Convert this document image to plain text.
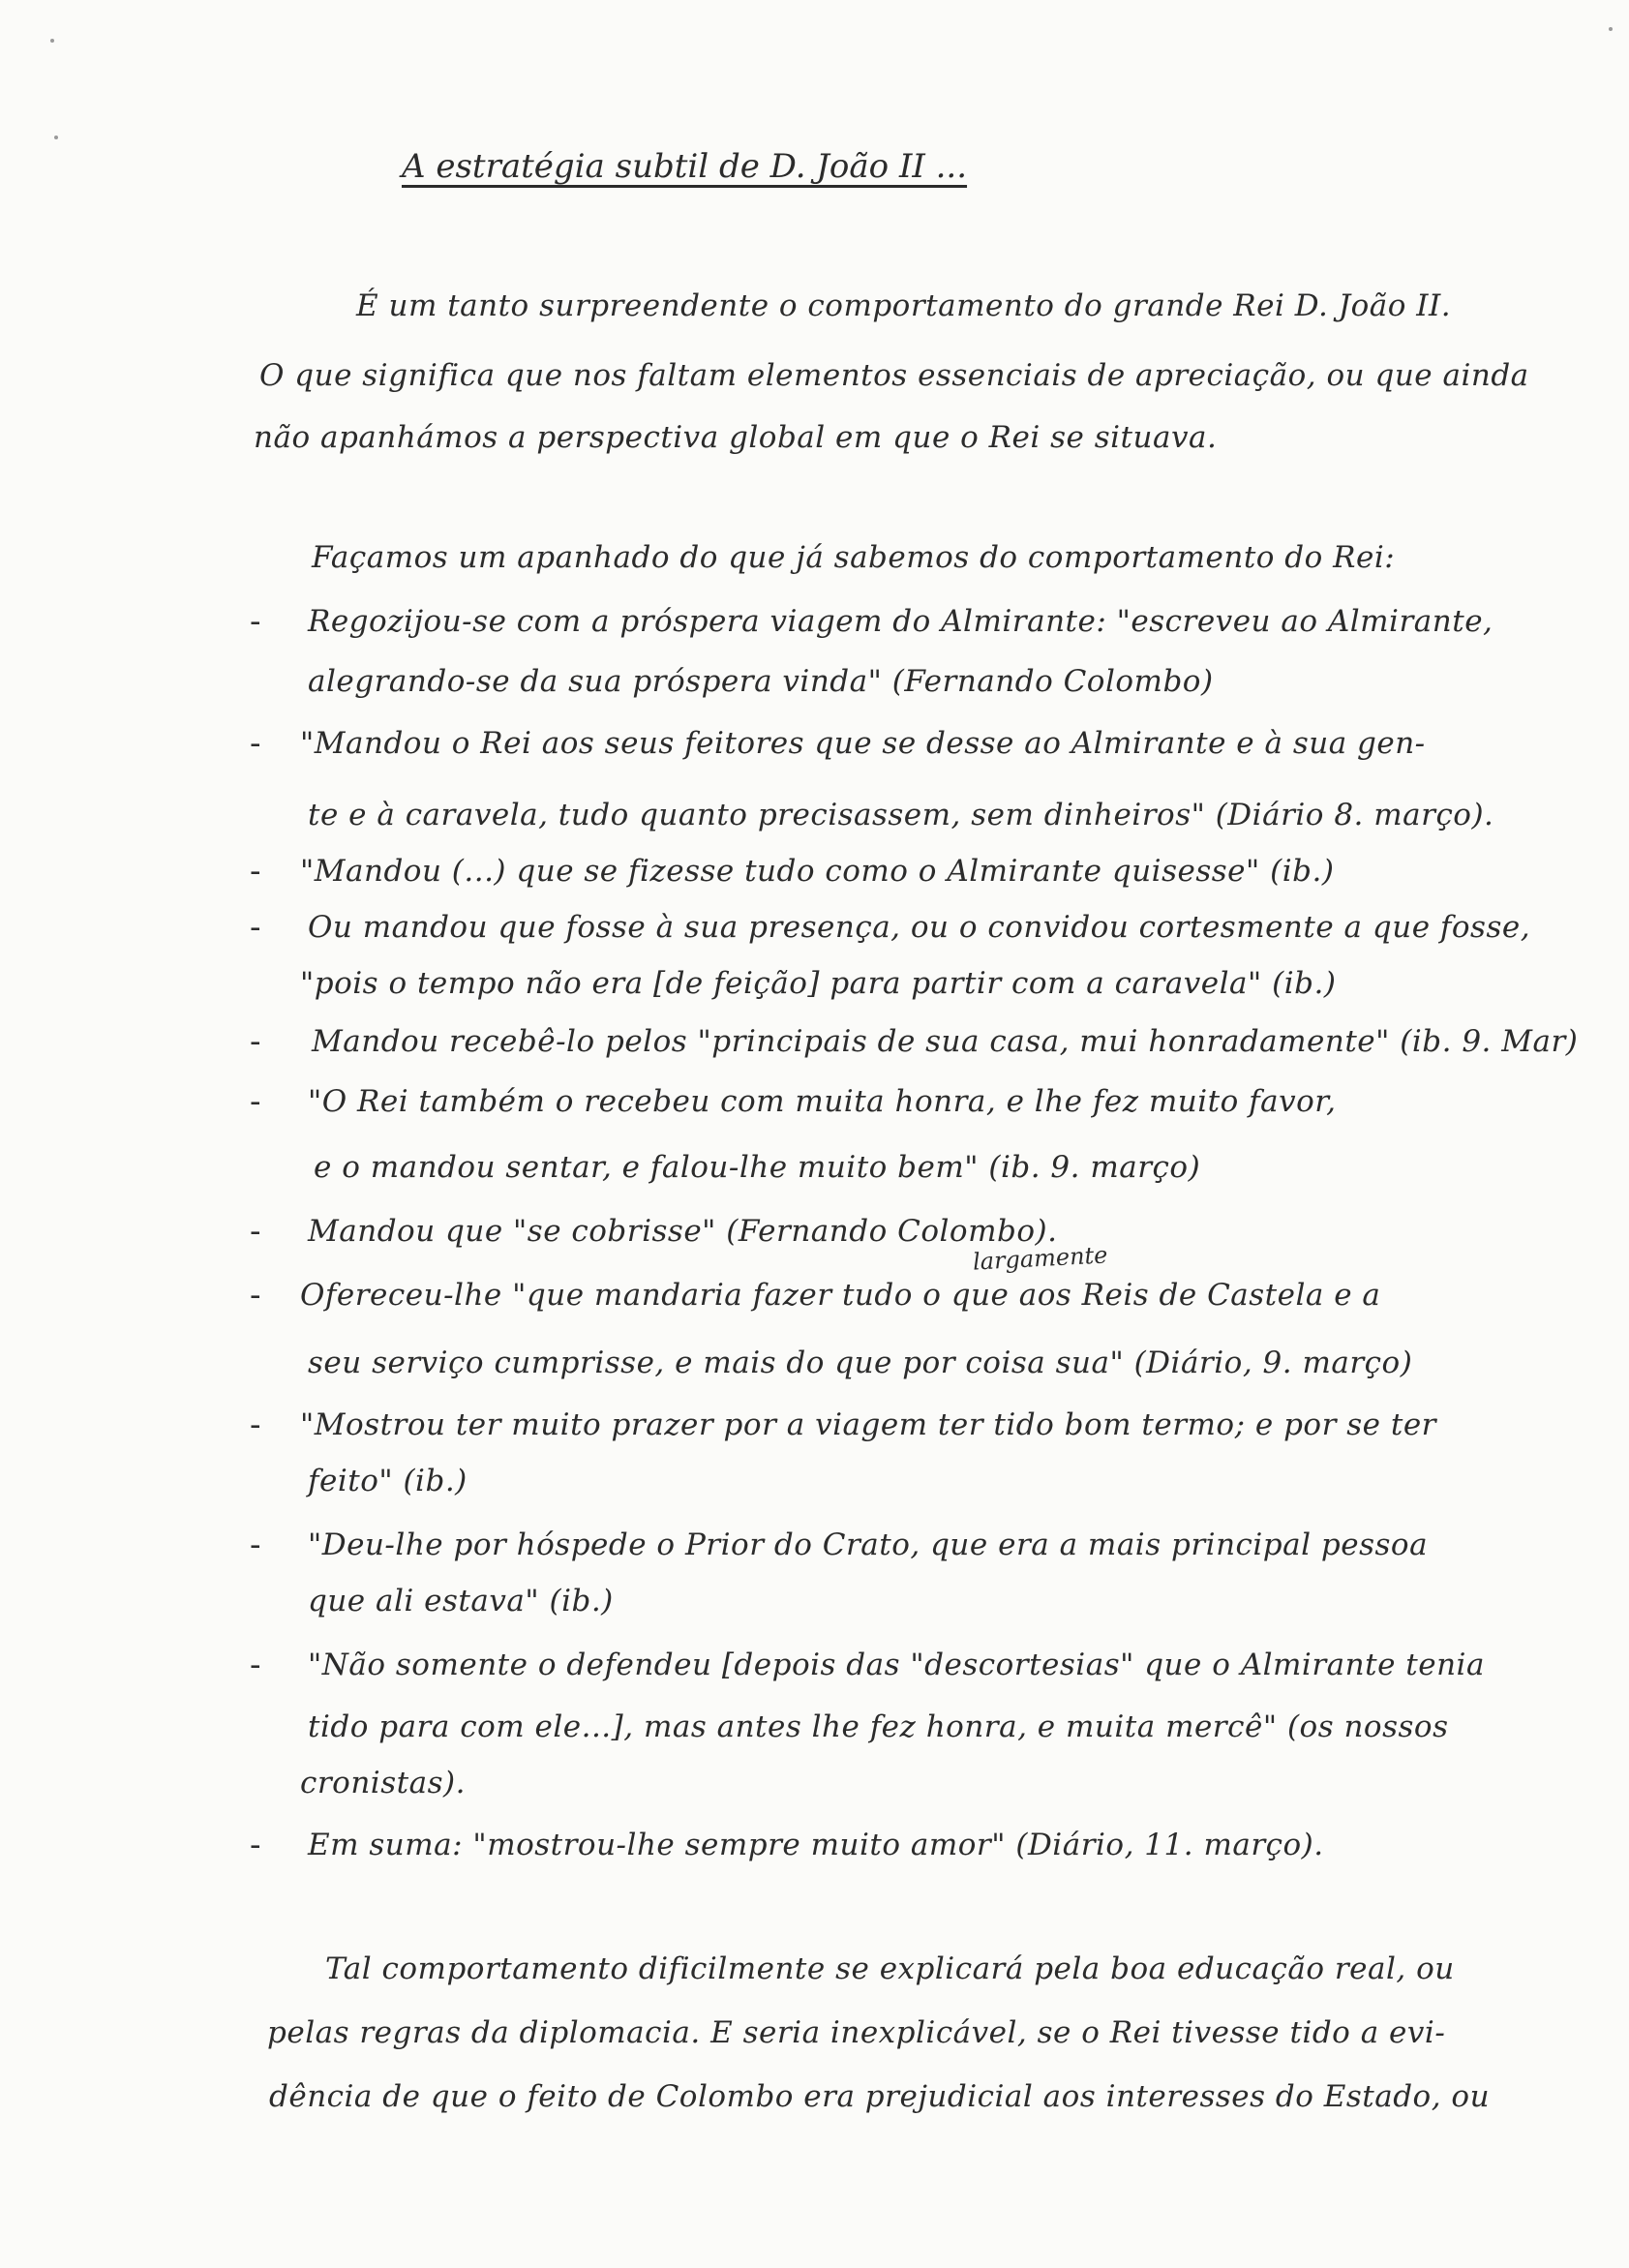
A estratégia subtil de D. João II ...
É um tanto surpreendente o comportamento do grande Rei D. João II.
O que significa que nos faltam elementos essenciais de apreciação, ou que ainda
não apanhámos a perspectiva global em que o Rei se situava.
Façamos um apanhado do que já sabemos do comportamento do Rei:
- Regozijou-se com a próspera viagem do Almirante: "escreveu ao Almirante,
alegrando-se da sua próspera vinda" (Fernando Colombo)
- "Mandou o Rei aos seus feitores que se desse ao Almirante e à sua gen-
te e à caravela, tudo quanto precisassem, sem dinheiros" (Diário 8. março).
- "Mandou (...) que se fizesse tudo como o Almirante quisesse" (ib.)
- Ou mandou que fosse à sua presença, ou o convidou cortesmente a que fosse,
"pois o tempo não era [de feição] para partir com a caravela" (ib.)
- Mandou recebê-lo pelos "principais de sua casa, mui honradamente" (ib. 9. Mar)
- "O Rei também o recebeu com muita honra, e lhe fez muito favor,
e o mandou sentar, e falou-lhe muito bem" (ib. 9. março)
- Mandou que "se cobrisse" (Fernando Colombo).
largamente
- Ofereceu-lhe "que mandaria fazer tudo o que aos Reis de Castela e a
seu serviço cumprisse, e mais do que por coisa sua" (Diário, 9. março)
- "Mostrou ter muito prazer por a viagem ter tido bom termo; e por se ter
feito" (ib.)
- "Deu-lhe por hóspede o Prior do Crato, que era a mais principal pessoa
que ali estava" (ib.)
- "Não somente o defendeu [depois das "descortesias" que o Almirante tenia
tido para com ele...], mas antes lhe fez honra, e muita mercê" (os nossos
cronistas).
- Em suma: "mostrou-lhe sempre muito amor" (Diário, 11. março).
Tal comportamento dificilmente se explicará pela boa educação real, ou
pelas regras da diplomacia. E seria inexplicável, se o Rei tivesse tido a evi-
dência de que o feito de Colombo era prejudicial aos interesses do Estado, ou
